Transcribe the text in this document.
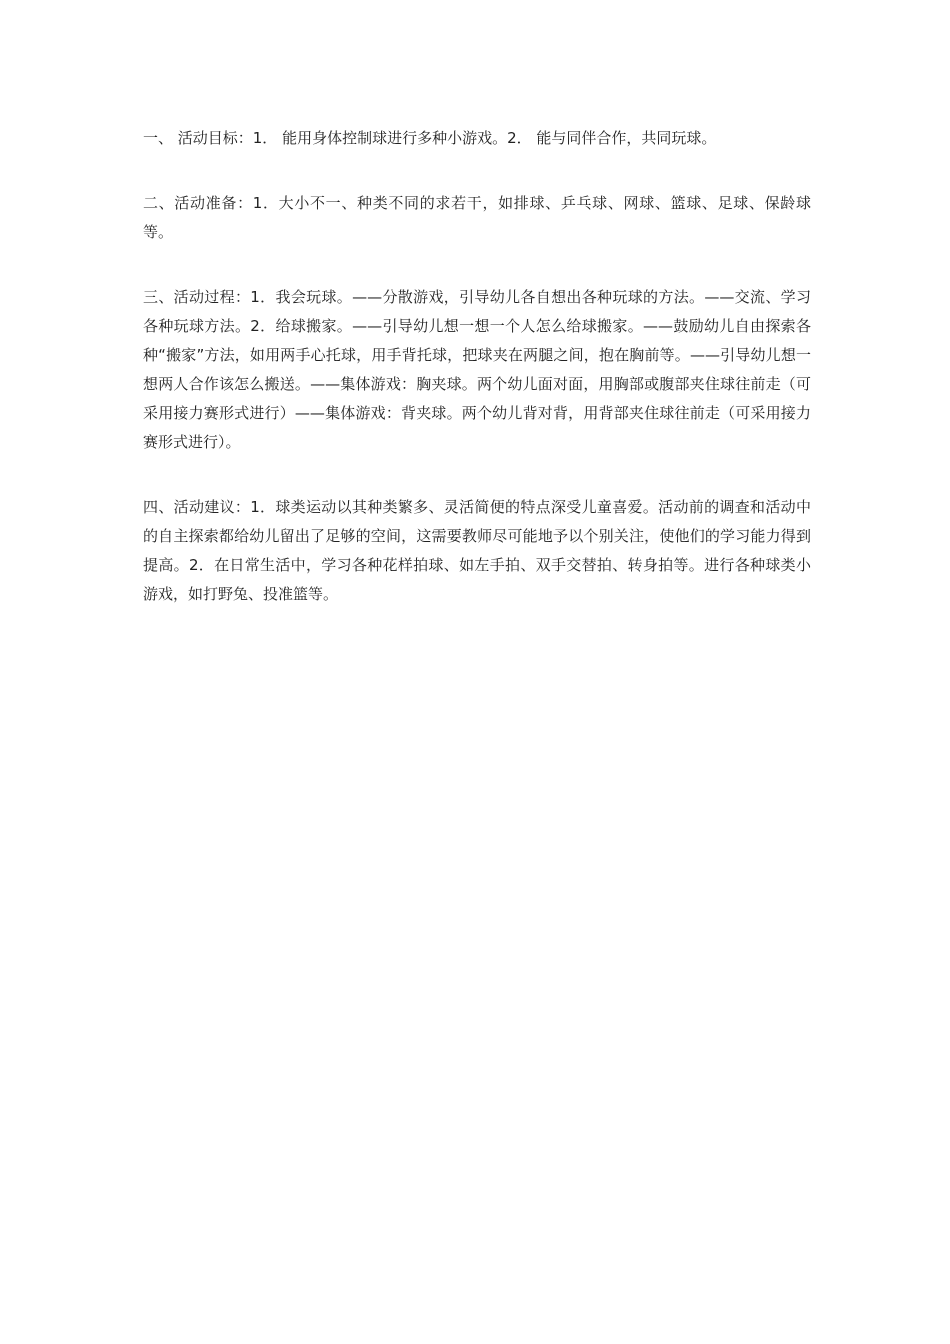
一、 活动目标：1． 能用身体控制球进行多种小游戏。2． 能与同伴合作，共同玩球。

二、活动准备：1．大小不一、种类不同的求若干，如排球、乒乓球、网球、篮球、足球、保龄球等。

三、活动过程：1．我会玩球。——分散游戏，引导幼儿各自想出各种玩球的方法。——交流、学习各种玩球方法。2．给球搬家。——引导幼儿想一想一个人怎么给球搬家。——鼓励幼儿自由探索各种“搬家”方法，如用两手心托球，用手背托球，把球夹在两腿之间，抱在胸前等。——引导幼儿想一想两人合作该怎么搬送。——集体游戏：胸夹球。两个幼儿面对面，用胸部或腹部夹住球往前走（可采用接力赛形式进行）——集体游戏：背夹球。两个幼儿背对背，用背部夹住球往前走（可采用接力赛形式进行）。

四、活动建议：1．球类运动以其种类繁多、灵活简便的特点深受儿童喜爱。活动前的调查和活动中的自主探索都给幼儿留出了足够的空间，这需要教师尽可能地予以个别关注，使他们的学习能力得到提高。2．在日常生活中，学习各种花样拍球、如左手拍、双手交替拍、转身拍等。进行各种球类小游戏，如打野兔、投准篮等。
